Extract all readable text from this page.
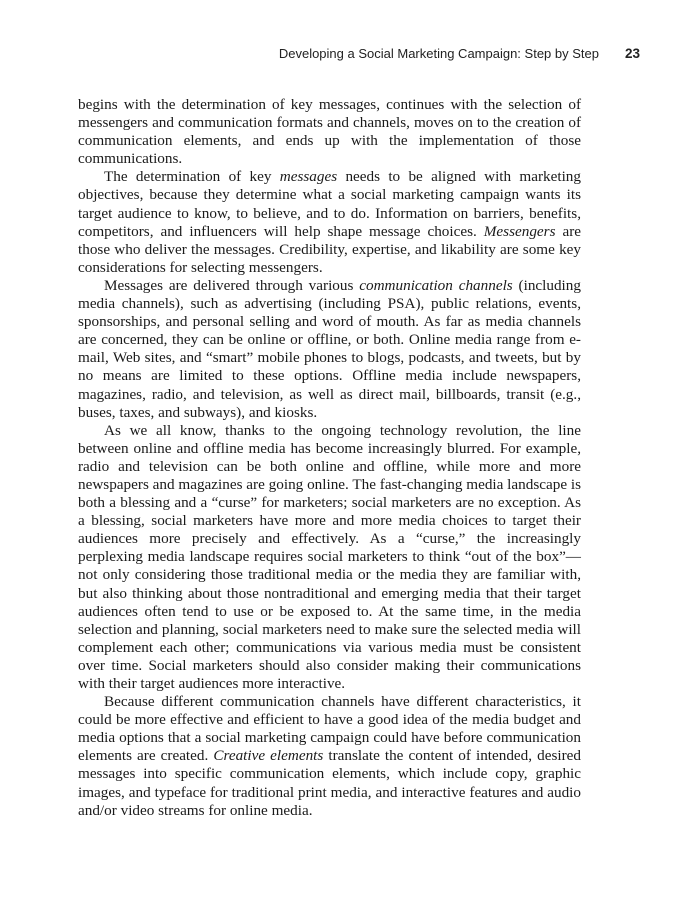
Developing a Social Marketing Campaign: Step by Step 23

begins with the determination of key messages, continues with the selection of messengers and communication formats and channels, moves on to the creation of communication elements, and ends up with the implementation of those communications.

The determination of key messages needs to be aligned with marketing objectives, because they determine what a social marketing campaign wants its target audience to know, to believe, and to do. Information on barriers, benefits, competitors, and influencers will help shape message choices. Messengers are those who deliver the messages. Credibility, expertise, and likability are some key considerations for selecting messengers.

Messages are delivered through various communication channels (including media channels), such as advertising (including PSA), public relations, events, sponsorships, and personal selling and word of mouth. As far as media channels are concerned, they can be online or offline, or both. Online media range from e-mail, Web sites, and “smart” mobile phones to blogs, podcasts, and tweets, but by no means are limited to these options. Offline media include newspapers, magazines, radio, and television, as well as direct mail, billboards, transit (e.g., buses, taxes, and subways), and kiosks.

As we all know, thanks to the ongoing technology revolution, the line between online and offline media has become increasingly blurred. For example, radio and television can be both online and offline, while more and more newspapers and magazines are going online. The fast-changing media landscape is both a blessing and a “curse” for marketers; social marketers are no exception. As a blessing, social marketers have more and more media choices to target their audiences more precisely and effectively. As a “curse,” the increasingly perplexing media landscape requires social marketers to think “out of the box”—not only considering those traditional media or the media they are familiar with, but also thinking about those nontraditional and emerging media that their target audiences often tend to use or be exposed to. At the same time, in the media selection and planning, social marketers need to make sure the selected media will complement each other; communications via various media must be consistent over time. Social marketers should also consider making their communications with their target audiences more interactive.

Because different communication channels have different characteristics, it could be more effective and efficient to have a good idea of the media budget and media options that a social marketing campaign could have before communication elements are created. Creative elements translate the content of intended, desired messages into specific communication elements, which include copy, graphic images, and typeface for traditional print media, and interactive features and audio and/or video streams for online media.
